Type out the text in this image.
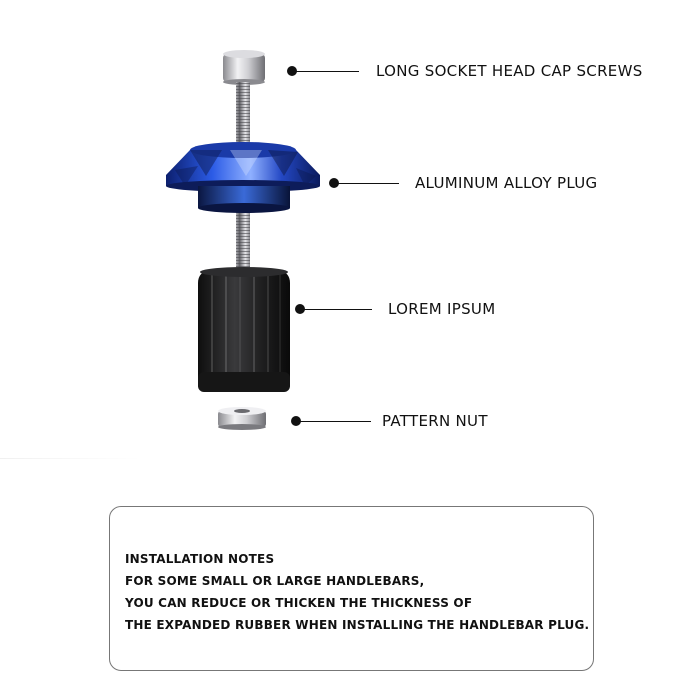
LONG SOCKET HEAD CAP SCREWS
ALUMINUM ALLOY PLUG
LOREM IPSUM
PATTERN NUT
INSTALLATION NOTES
FOR SOME SMALL OR LARGE HANDLEBARS,
YOU CAN REDUCE OR THICKEN THE THICKNESS OF
THE EXPANDED RUBBER WHEN INSTALLING THE HANDLEBAR PLUG.
